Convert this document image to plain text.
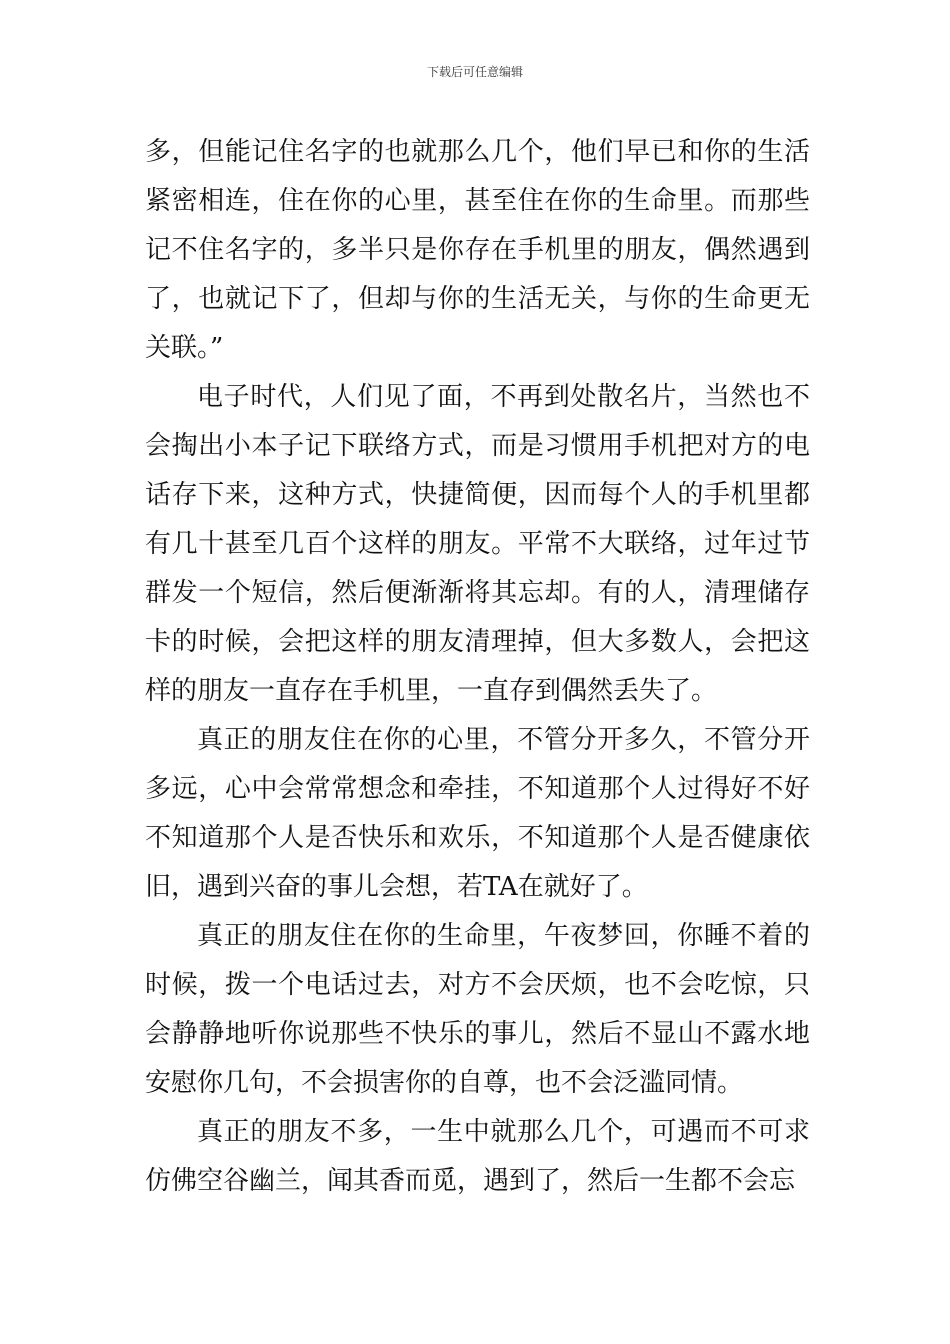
下载后可任意编辑

多，但能记住名字的也就那么几个，他们早已和你的生活紧密相连，住在你的心里，甚至住在你的生命里。而那些记不住名字的，多半只是你存在手机里的朋友，偶然遇到了，也就记下了，但却与你的生活无关，与你的生命更无关联。”

电子时代，人们见了面，不再到处散名片，当然也不会掏出小本子记下联络方式，而是习惯用手机把对方的电话存下来，这种方式，快捷简便，因而每个人的手机里都有几十甚至几百个这样的朋友。平常不大联络，过年过节群发一个短信，然后便渐渐将其忘却。有的人，清理储存卡的时候，会把这样的朋友清理掉，但大多数人，会把这样的朋友一直存在手机里，一直存到偶然丢失了。

真正的朋友住在你的心里，不管分开多久，不管分开多远，心中会常常想念和牵挂，不知道那个人过得好不好不知道那个人是否快乐和欢乐，不知道那个人是否健康依旧，遇到兴奋的事儿会想，若TA在就好了。

真正的朋友住在你的生命里，午夜梦回，你睡不着的时候，拨一个电话过去，对方不会厌烦，也不会吃惊，只会静静地听你说那些不快乐的事儿，然后不显山不露水地安慰你几句，不会损害你的自尊，也不会泛滥同情。

真正的朋友不多，一生中就那么几个，可遇而不可求仿佛空谷幽兰，闻其香而觅，遇到了，然后一生都不会忘
